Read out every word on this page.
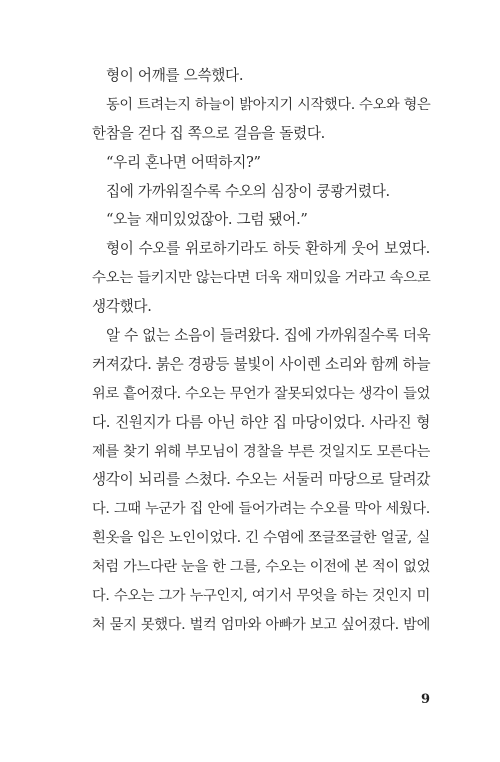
형이 어깨를 으쓱했다.
동이 트려는지 하늘이 밝아지기 시작했다. 수오와 형은
한참을 걷다 집 쪽으로 걸음을 돌렸다.
“우리 혼나면 어떡하지?”
집에 가까워질수록 수오의 심장이 쿵쾅거렸다.
“오늘 재미있었잖아. 그럼 됐어.”
형이 수오를 위로하기라도 하듯 환하게 웃어 보였다.
수오는 들키지만 않는다면 더욱 재미있을 거라고 속으로
생각했다.
알 수 없는 소음이 들려왔다. 집에 가까워질수록 더욱
커져갔다. 붉은 경광등 불빛이 사이렌 소리와 함께 하늘
위로 흩어졌다. 수오는 무언가 잘못되었다는 생각이 들었
다. 진원지가 다름 아닌 하얀 집 마당이었다. 사라진 형
제를 찾기 위해 부모님이 경찰을 부른 것일지도 모른다는
생각이 뇌리를 스쳤다. 수오는 서둘러 마당으로 달려갔
다. 그때 누군가 집 안에 들어가려는 수오를 막아 세웠다.
흰옷을 입은 노인이었다. 긴 수염에 쪼글쪼글한 얼굴, 실
처럼 가느다란 눈을 한 그를, 수오는 이전에 본 적이 없었
다. 수오는 그가 누구인지, 여기서 무엇을 하는 것인지 미
처 묻지 못했다. 벌컥 엄마와 아빠가 보고 싶어졌다. 밤에
9
